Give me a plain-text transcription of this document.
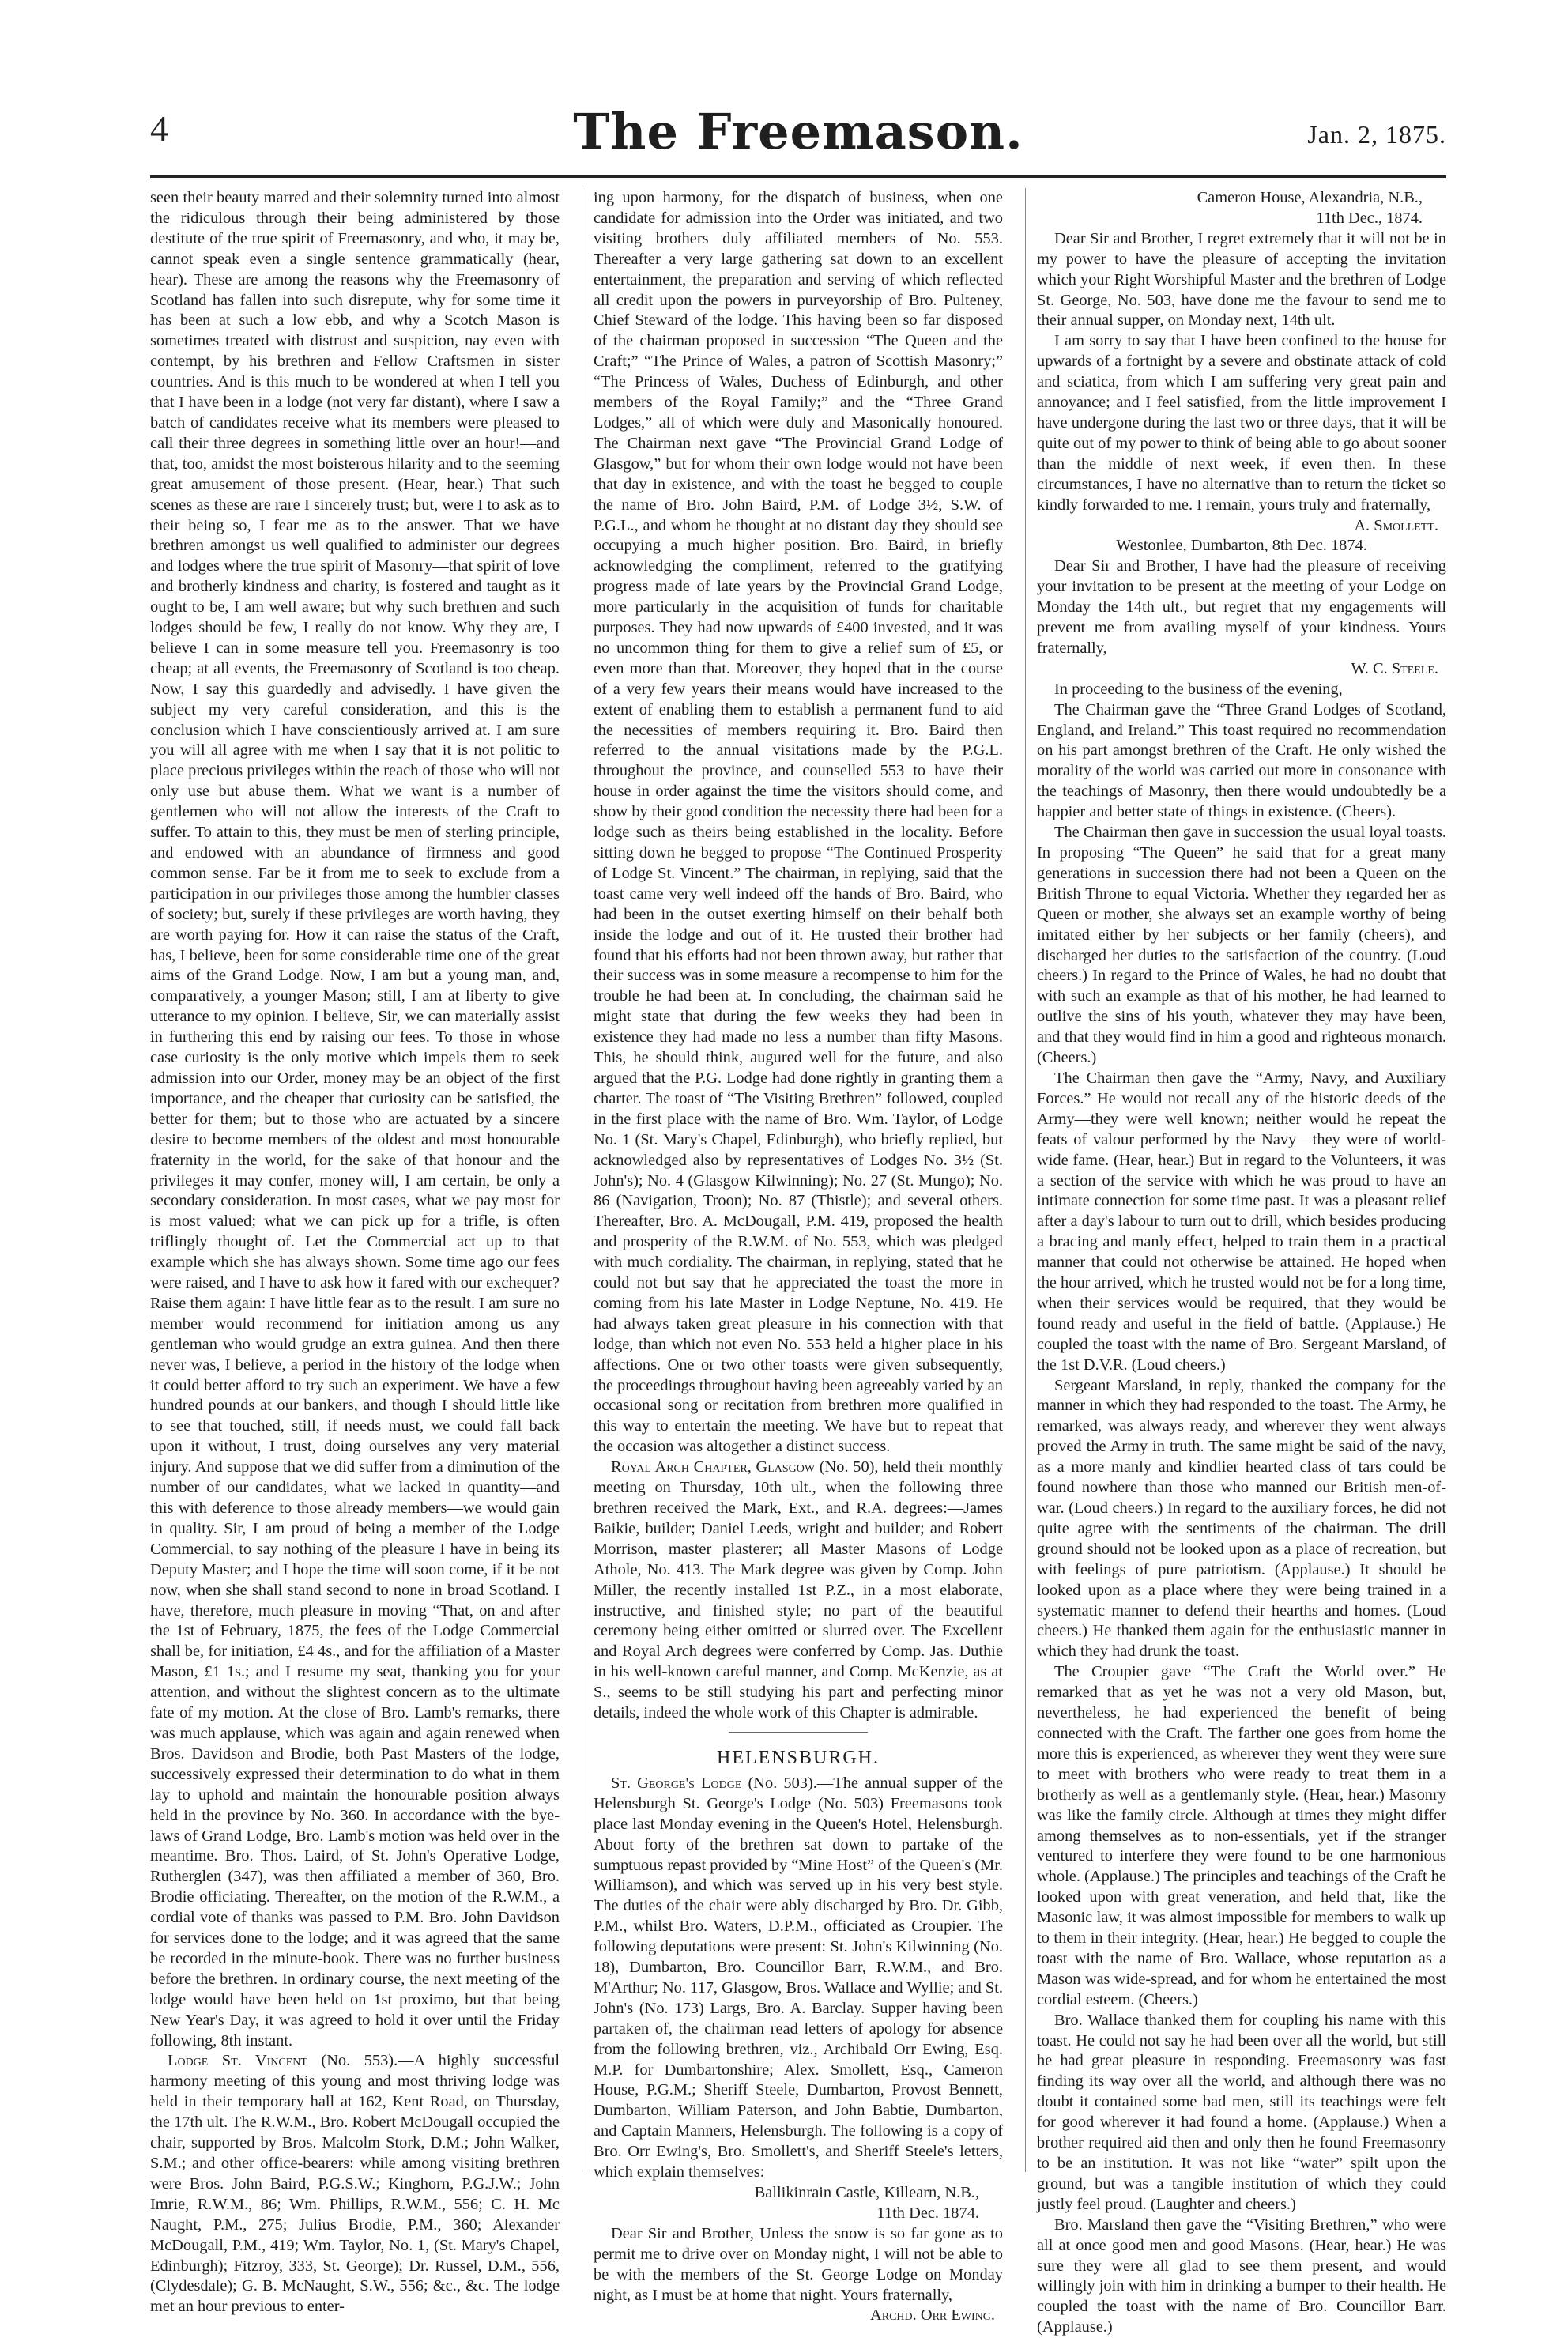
4	The Freemason.	Jan. 2, 1875.

seen their beauty marred and their solemnity turned into almost the ridiculous through their being administered by those destitute of the true spirit of Freemasonry, and who, it may be, cannot speak even a single sentence grammatically (hear, hear). These are among the reasons why the Freemasonry of Scotland has fallen into such disrepute, why for some time it has been at such a low ebb, and why a Scotch Mason is sometimes treated with distrust and suspicion, nay even with contempt, by his brethren and Fellow Craftsmen in sister countries. And is this much to be wondered at when I tell you that I have been in a lodge (not very far distant), where I saw a batch of candidates receive what its members were pleased to call their three degrees in something little over an hour!—and that, too, amidst the most boisterous hilarity and to the seeming great amusement of those present. (Hear, hear.) That such scenes as these are rare I sincerely trust; but, were I to ask as to their being so, I fear me as to the answer. That we have brethren amongst us well qualified to administer our degrees and lodges where the true spirit of Masonry—that spirit of love and brotherly kindness and charity, is fostered and taught as it ought to be, I am well aware; but why such brethren and such lodges should be few, I really do not know. Why they are, I believe I can in some measure tell you. Freemasonry is too cheap; at all events, the Freemasonry of Scotland is too cheap. Now, I say this guardedly and advisedly. I have given the subject my very careful consideration, and this is the conclusion which I have conscientiously arrived at. I am sure you will all agree with me when I say that it is not politic to place precious privileges within the reach of those who will not only use but abuse them. What we want is a number of gentlemen who will not allow the interests of the Craft to suffer. To attain to this, they must be men of sterling principle, and endowed with an abundance of firmness and good common sense. Far be it from me to seek to exclude from a participation in our privileges those among the humbler classes of society; but, surely if these privileges are worth having, they are worth paying for. How it can raise the status of the Craft, has, I believe, been for some considerable time one of the great aims of the Grand Lodge. Now, I am but a young man, and, comparatively, a younger Mason; still, I am at liberty to give utterance to my opinion. I believe, Sir, we can materially assist in furthering this end by raising our fees. To those in whose case curiosity is the only motive which impels them to seek admission into our Order, money may be an object of the first importance, and the cheaper that curiosity can be satisfied, the better for them; but to those who are actuated by a sincere desire to become members of the oldest and most honourable fraternity in the world, for the sake of that honour and the privileges it may confer, money will, I am certain, be only a secondary consideration. In most cases, what we pay most for is most valued; what we can pick up for a trifle, is often triflingly thought of. Let the Commercial act up to that example which she has always shown. Some time ago our fees were raised, and I have to ask how it fared with our exchequer? Raise them again: I have little fear as to the result. I am sure no member would recommend for initiation among us any gentleman who would grudge an extra guinea. And then there never was, I believe, a period in the history of the lodge when it could better afford to try such an experiment. We have a few hundred pounds at our bankers, and though I should little like to see that touched, still, if needs must, we could fall back upon it without, I trust, doing ourselves any very material injury. And suppose that we did suffer from a diminution of the number of our candidates, what we lacked in quantity—and this with deference to those already members—we would gain in quality. Sir, I am proud of being a member of the Lodge Commercial, to say nothing of the pleasure I have in being its Deputy Master; and I hope the time will soon come, if it be not now, when she shall stand second to none in broad Scotland. I have, therefore, much pleasure in moving “That, on and after the 1st of February, 1875, the fees of the Lodge Commercial shall be, for initiation, £4 4s., and for the affiliation of a Master Mason, £1 1s.; and I resume my seat, thanking you for your attention, and without the slightest concern as to the ultimate fate of my motion. At the close of Bro. Lamb's remarks, there was much applause, which was again and again renewed when Bros. Davidson and Brodie, both Past Masters of the lodge, successively expressed their determination to do what in them lay to uphold and maintain the honourable position always held in the province by No. 360. In accordance with the bye-laws of Grand Lodge, Bro. Lamb's motion was held over in the meantime. Bro. Thos. Laird, of St. John's Operative Lodge, Rutherglen (347), was then affiliated a member of 360, Bro. Brodie officiating. Thereafter, on the motion of the R.W.M., a cordial vote of thanks was passed to P.M. Bro. John Davidson for services done to the lodge; and it was agreed that the same be recorded in the minute-book. There was no further business before the brethren. In ordinary course, the next meeting of the lodge would have been held on 1st proximo, but that being New Year's Day, it was agreed to hold it over until the Friday following, 8th instant.

Lodge St. Vincent (No. 553).—A highly successful harmony meeting of this young and most thriving lodge was held in their temporary hall at 162, Kent Road, on Thursday, the 17th ult. The R.W.M., Bro. Robert McDougall occupied the chair, supported by Bros. Malcolm Stork, D.M.; John Walker, S.M.; and other office-bearers: while among visiting brethren were Bros. John Baird, P.G.S.W.; Kinghorn, P.G.J.W.; John Imrie, R.W.M., 86; Wm. Phillips, R.W.M., 556; C. H. Mc Naught, P.M., 275; Julius Brodie, P.M., 360; Alexander McDougall, P.M., 419; Wm. Taylor, No. 1, (St. Mary's Chapel, Edinburgh); Fitzroy, 333, St. George); Dr. Russel, D.M., 556, (Clydesdale); G. B. McNaught, S.W., 556; &c., &c. The lodge met an hour previous to enter-

ing upon harmony, for the dispatch of business, when one candidate for admission into the Order was initiated, and two visiting brothers duly affiliated members of No. 553. Thereafter a very large gathering sat down to an excellent entertainment, the preparation and serving of which reflected all credit upon the powers in purveyorship of Bro. Pulteney, Chief Steward of the lodge. This having been so far disposed of the chairman proposed in succession “The Queen and the Craft;” “The Prince of Wales, a patron of Scottish Masonry;” “The Princess of Wales, Duchess of Edinburgh, and other members of the Royal Family;” and the “Three Grand Lodges,” all of which were duly and Masonically honoured. The Chairman next gave “The Provincial Grand Lodge of Glasgow,” but for whom their own lodge would not have been that day in existence, and with the toast he begged to couple the name of Bro. John Baird, P.M. of Lodge 3½, S.W. of P.G.L., and whom he thought at no distant day they should see occupying a much higher position. Bro. Baird, in briefly acknowledging the compliment, referred to the gratifying progress made of late years by the Provincial Grand Lodge, more particularly in the acquisition of funds for charitable purposes. They had now upwards of £400 invested, and it was no uncommon thing for them to give a relief sum of £5, or even more than that. Moreover, they hoped that in the course of a very few years their means would have increased to the extent of enabling them to establish a permanent fund to aid the necessities of members requiring it. Bro. Baird then referred to the annual visitations made by the P.G.L. throughout the province, and counselled 553 to have their house in order against the time the visitors should come, and show by their good condition the necessity there had been for a lodge such as theirs being established in the locality. Before sitting down he begged to propose “The Continued Prosperity of Lodge St. Vincent.” The chairman, in replying, said that the toast came very well indeed off the hands of Bro. Baird, who had been in the outset exerting himself on their behalf both inside the lodge and out of it. He trusted their brother had found that his efforts had not been thrown away, but rather that their success was in some measure a recompense to him for the trouble he had been at. In concluding, the chairman said he might state that during the few weeks they had been in existence they had made no less a number than fifty Masons. This, he should think, augured well for the future, and also argued that the P.G. Lodge had done rightly in granting them a charter. The toast of “The Visiting Brethren” followed, coupled in the first place with the name of Bro. Wm. Taylor, of Lodge No. 1 (St. Mary's Chapel, Edinburgh), who briefly replied, but acknowledged also by representatives of Lodges No. 3½ (St. John's); No. 4 (Glasgow Kilwinning); No. 27 (St. Mungo); No. 86 (Navigation, Troon); No. 87 (Thistle); and several others. Thereafter, Bro. A. McDougall, P.M. 419, proposed the health and prosperity of the R.W.M. of No. 553, which was pledged with much cordiality. The chairman, in replying, stated that he could not but say that he appreciated the toast the more in coming from his late Master in Lodge Neptune, No. 419. He had always taken great pleasure in his connection with that lodge, than which not even No. 553 held a higher place in his affections. One or two other toasts were given subsequently, the proceedings throughout having been agreeably varied by an occasional song or recitation from brethren more qualified in this way to entertain the meeting. We have but to repeat that the occasion was altogether a distinct success.

Royal Arch Chapter, Glasgow (No. 50), held their monthly meeting on Thursday, 10th ult., when the following three brethren received the Mark, Ext., and R.A. degrees:—James Baikie, builder; Daniel Leeds, wright and builder; and Robert Morrison, master plasterer; all Master Masons of Lodge Athole, No. 413. The Mark degree was given by Comp. John Miller, the recently installed 1st P.Z., in a most elaborate, instructive, and finished style; no part of the beautiful ceremony being either omitted or slurred over. The Excellent and Royal Arch degrees were conferred by Comp. Jas. Duthie in his well-known careful manner, and Comp. McKenzie, as at S., seems to be still studying his part and perfecting minor details, indeed the whole work of this Chapter is admirable.

HELENSBURGH.

St. George's Lodge (No. 503).—The annual supper of the Helensburgh St. George's Lodge (No. 503) Freemasons took place last Monday evening in the Queen's Hotel, Helensburgh. About forty of the brethren sat down to partake of the sumptuous repast provided by “Mine Host” of the Queen's (Mr. Williamson), and which was served up in his very best style. The duties of the chair were ably discharged by Bro. Dr. Gibb, P.M., whilst Bro. Waters, D.P.M., officiated as Croupier. The following deputations were present: St. John's Kilwinning (No. 18), Dumbarton, Bro. Councillor Barr, R.W.M., and Bro. M'Arthur; No. 117, Glasgow, Bros. Wallace and Wyllie; and St. John's (No. 173) Largs, Bro. A. Barclay. Supper having been partaken of, the chairman read letters of apology for absence from the following brethren, viz., Archibald Orr Ewing, Esq. M.P. for Dumbartonshire; Alex. Smollett, Esq., Cameron House, P.G.M.; Sheriff Steele, Dumbarton, Provost Bennett, Dumbarton, William Paterson, and John Babtie, Dumbarton, and Captain Manners, Helensburgh. The following is a copy of Bro. Orr Ewing's, Bro. Smollett's, and Sheriff Steele's letters, which explain themselves:

Ballikinrain Castle, Killearn, N.B.,

11th Dec. 1874.

Dear Sir and Brother, Unless the snow is so far gone as to permit me to drive over on Monday night, I will not be able to be with the members of the St. George Lodge on Monday night, as I must be at home that night. Yours fraternally,

Archd. Orr Ewing.

Cameron House, Alexandria, N.B.,

11th Dec., 1874.

Dear Sir and Brother, I regret extremely that it will not be in my power to have the pleasure of accepting the invitation which your Right Worshipful Master and the brethren of Lodge St. George, No. 503, have done me the favour to send me to their annual supper, on Monday next, 14th ult.

I am sorry to say that I have been confined to the house for upwards of a fortnight by a severe and obstinate attack of cold and sciatica, from which I am suffering very great pain and annoyance; and I feel satisfied, from the little improvement I have undergone during the last two or three days, that it will be quite out of my power to think of being able to go about sooner than the middle of next week, if even then. In these circumstances, I have no alternative than to return the ticket so kindly forwarded to me. I remain, yours truly and fraternally,

A. Smollett.

Westonlee, Dumbarton, 8th Dec. 1874.

Dear Sir and Brother, I have had the pleasure of receiving your invitation to be present at the meeting of your Lodge on Monday the 14th ult., but regret that my engagements will prevent me from availing myself of your kindness. Yours fraternally,

W. C. Steele.

In proceeding to the business of the evening,

The Chairman gave the “Three Grand Lodges of Scotland, England, and Ireland.” This toast required no recommendation on his part amongst brethren of the Craft. He only wished the morality of the world was carried out more in consonance with the teachings of Masonry, then there would undoubtedly be a happier and better state of things in existence. (Cheers).

The Chairman then gave in succession the usual loyal toasts. In proposing “The Queen” he said that for a great many generations in succession there had not been a Queen on the British Throne to equal Victoria. Whether they regarded her as Queen or mother, she always set an example worthy of being imitated either by her subjects or her family (cheers), and discharged her duties to the satisfaction of the country. (Loud cheers.) In regard to the Prince of Wales, he had no doubt that with such an example as that of his mother, he had learned to outlive the sins of his youth, whatever they may have been, and that they would find in him a good and righteous monarch. (Cheers.)

The Chairman then gave the “Army, Navy, and Auxiliary Forces.” He would not recall any of the historic deeds of the Army—they were well known; neither would he repeat the feats of valour performed by the Navy—they were of world-wide fame. (Hear, hear.) But in regard to the Volunteers, it was a section of the service with which he was proud to have an intimate connection for some time past. It was a pleasant relief after a day's labour to turn out to drill, which besides producing a bracing and manly effect, helped to train them in a practical manner that could not otherwise be attained. He hoped when the hour arrived, which he trusted would not be for a long time, when their services would be required, that they would be found ready and useful in the field of battle. (Applause.) He coupled the toast with the name of Bro. Sergeant Marsland, of the 1st D.V.R. (Loud cheers.)

Sergeant Marsland, in reply, thanked the company for the manner in which they had responded to the toast. The Army, he remarked, was always ready, and wherever they went always proved the Army in truth. The same might be said of the navy, as a more manly and kindlier hearted class of tars could be found nowhere than those who manned our British men-of-war. (Loud cheers.) In regard to the auxiliary forces, he did not quite agree with the sentiments of the chairman. The drill ground should not be looked upon as a place of recreation, but with feelings of pure patriotism. (Applause.) It should be looked upon as a place where they were being trained in a systematic manner to defend their hearths and homes. (Loud cheers.) He thanked them again for the enthusiastic manner in which they had drunk the toast.

The Croupier gave “The Craft the World over.” He remarked that as yet he was not a very old Mason, but, nevertheless, he had experienced the benefit of being connected with the Craft. The farther one goes from home the more this is experienced, as wherever they went they were sure to meet with brothers who were ready to treat them in a brotherly as well as a gentlemanly style. (Hear, hear.) Masonry was like the family circle. Although at times they might differ among themselves as to non-essentials, yet if the stranger ventured to interfere they were found to be one harmonious whole. (Applause.) The principles and teachings of the Craft he looked upon with great veneration, and held that, like the Masonic law, it was almost impossible for members to walk up to them in their integrity. (Hear, hear.) He begged to couple the toast with the name of Bro. Wallace, whose reputation as a Mason was wide-spread, and for whom he entertained the most cordial esteem. (Cheers.)

Bro. Wallace thanked them for coupling his name with this toast. He could not say he had been over all the world, but still he had great pleasure in responding. Freemasonry was fast finding its way over all the world, and although there was no doubt it contained some bad men, still its teachings were felt for good wherever it had found a home. (Applause.) When a brother required aid then and only then he found Freemasonry to be an institution. It was not like “water” spilt upon the ground, but was a tangible institution of which they could justly feel proud. (Laughter and cheers.)

Bro. Marsland then gave the “Visiting Brethren,” who were all at once good men and good Masons. (Hear, hear.) He was sure they were all glad to see them present, and would willingly join with him in drinking a bumper to their health. He coupled the toast with the name of Bro. Councillor Barr. (Applause.)
